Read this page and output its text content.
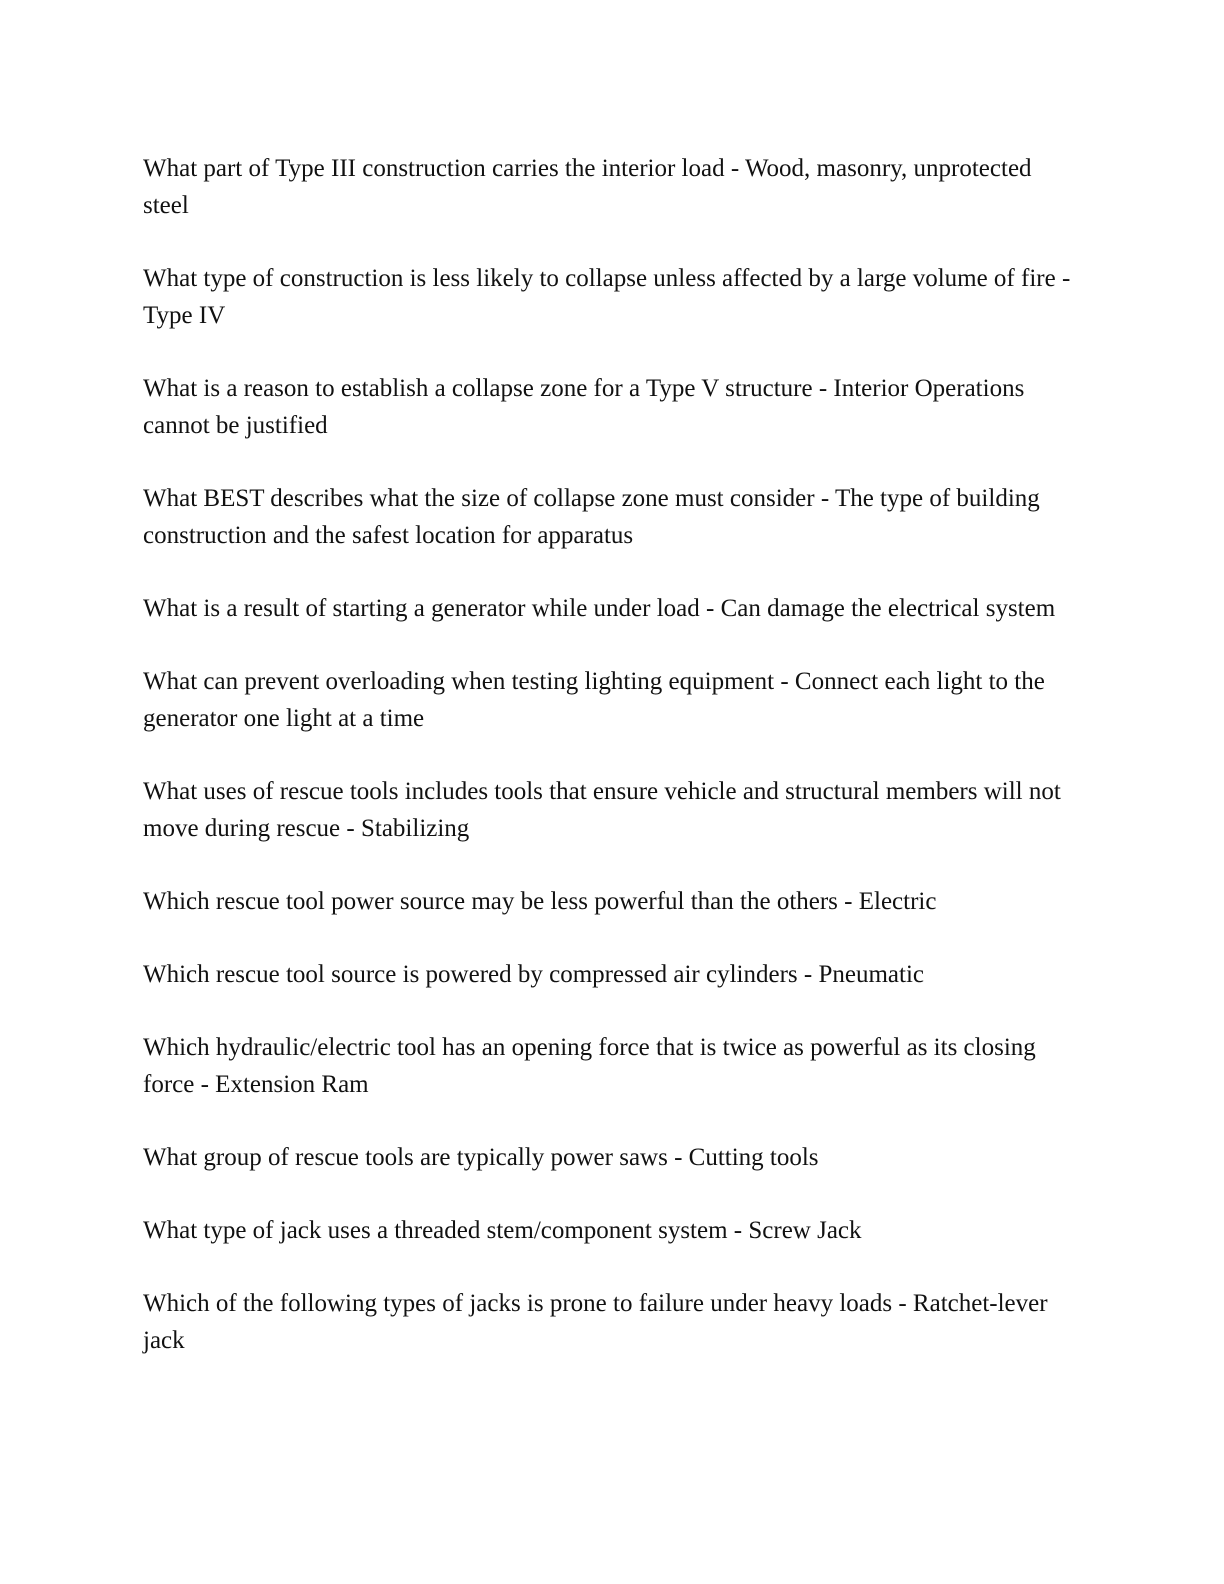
What part of Type III construction carries the interior load - Wood, masonry, unprotected steel

What type of construction is less likely to collapse unless affected by a large volume of fire - Type IV

What is a reason to establish a collapse zone for a Type V structure - Interior Operations cannot be justified

What BEST describes what the size of collapse zone must consider - The type of building construction and the safest location for apparatus

What is a result of starting a generator while under load - Can damage the electrical system

What can prevent overloading when testing lighting equipment - Connect each light to the generator one light at a time

What uses of rescue tools includes tools that ensure vehicle and structural members will not move during rescue - Stabilizing

Which rescue tool power source may be less powerful than the others - Electric

Which rescue tool source is powered by compressed air cylinders - Pneumatic

Which hydraulic/electric tool has an opening force that is twice as powerful as its closing force - Extension Ram

What group of rescue tools are typically power saws - Cutting tools

What type of jack uses a threaded stem/component system - Screw Jack

Which of the following types of jacks is prone to failure under heavy loads - Ratchet-lever jack
